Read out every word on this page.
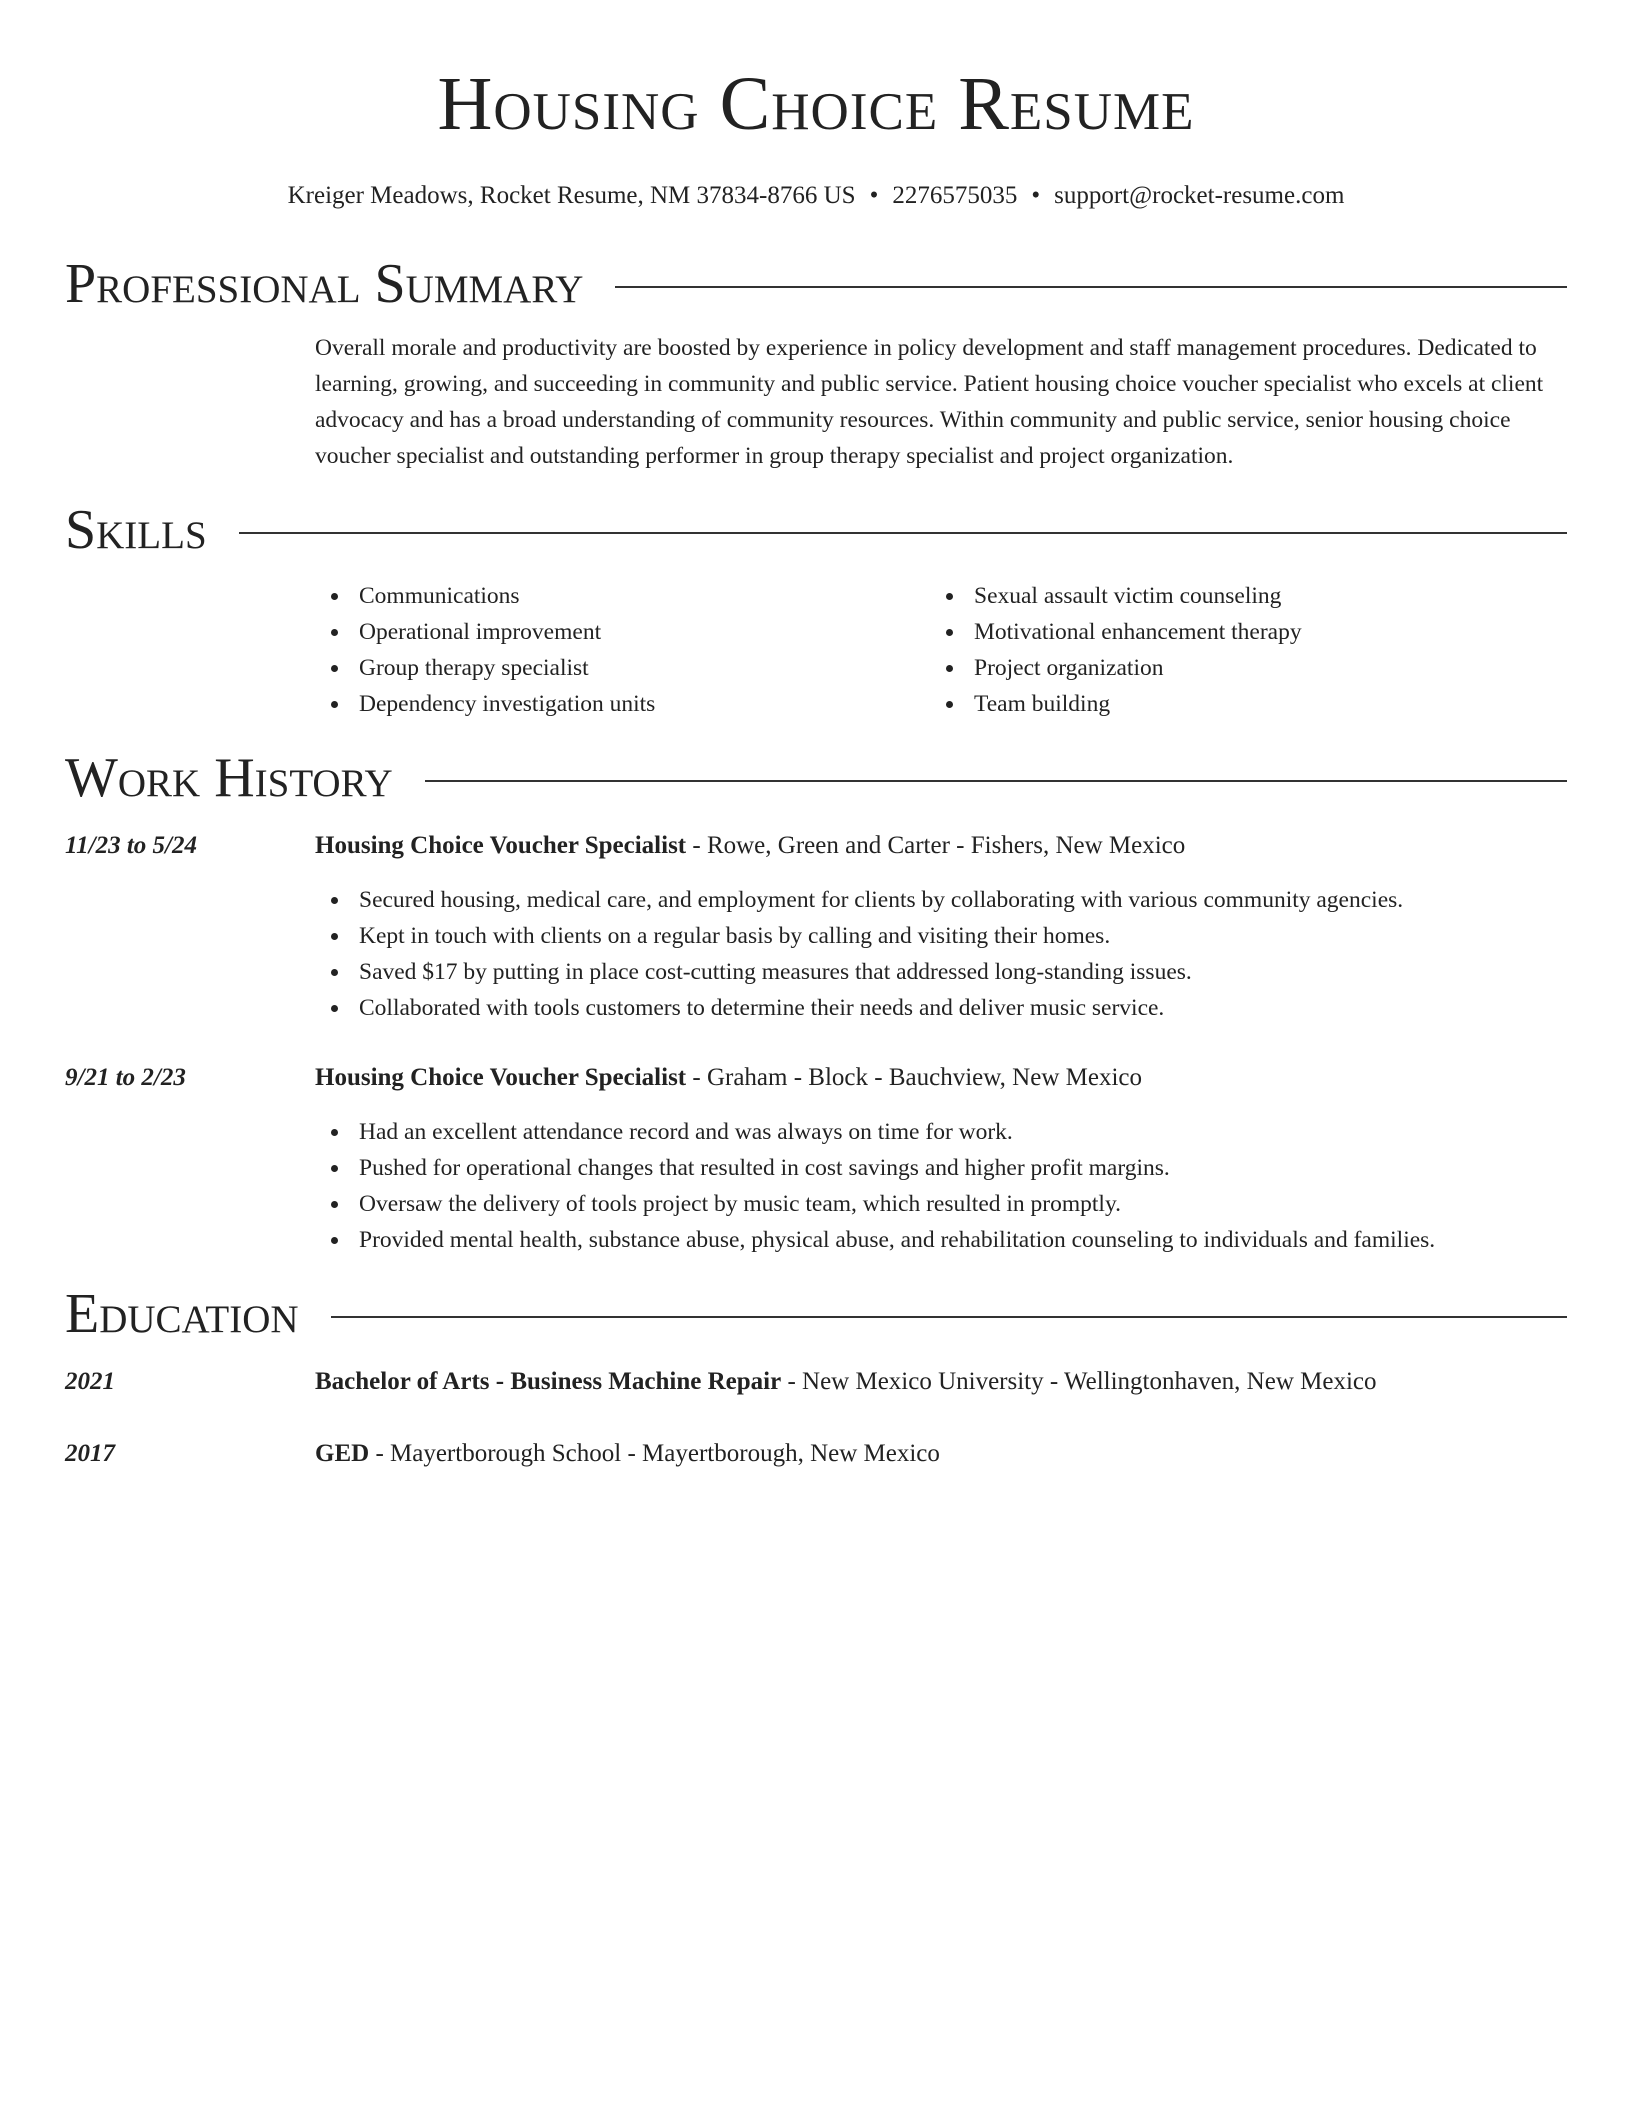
Housing Choice Resume
Kreiger Meadows, Rocket Resume, NM 37834-8766 US • 2276575035 • support@rocket-resume.com
Professional Summary

Overall morale and productivity are boosted by experience in policy development and staff management procedures. Dedicated to learning, growing, and succeeding in community and public service. Patient housing choice voucher specialist who excels at client advocacy and has a broad understanding of community resources. Within community and public service, senior housing choice voucher specialist and outstanding performer in group therapy specialist and project organization.

Skills
Communications
Operational improvement
Group therapy specialist
Dependency investigation units
Sexual assault victim counseling
Motivational enhancement therapy
Project organization
Team building
Work History
11/23 to 5/24	Housing Choice Voucher Specialist - Rowe, Green and Carter - Fishers, New Mexico
Secured housing, medical care, and employment for clients by collaborating with various community agencies.
Kept in touch with clients on a regular basis by calling and visiting their homes.
Saved $17 by putting in place cost-cutting measures that addressed long-standing issues.
Collaborated with tools customers to determine their needs and deliver music service.
9/21 to 2/23	Housing Choice Voucher Specialist - Graham - Block - Bauchview, New Mexico
Had an excellent attendance record and was always on time for work.
Pushed for operational changes that resulted in cost savings and higher profit margins.
Oversaw the delivery of tools project by music team, which resulted in promptly.
Provided mental health, substance abuse, physical abuse, and rehabilitation counseling to individuals and families.
Education
2021	Bachelor of Arts - Business Machine Repair - New Mexico University - Wellingtonhaven, New Mexico
2017	GED - Mayertborough School - Mayertborough, New Mexico
